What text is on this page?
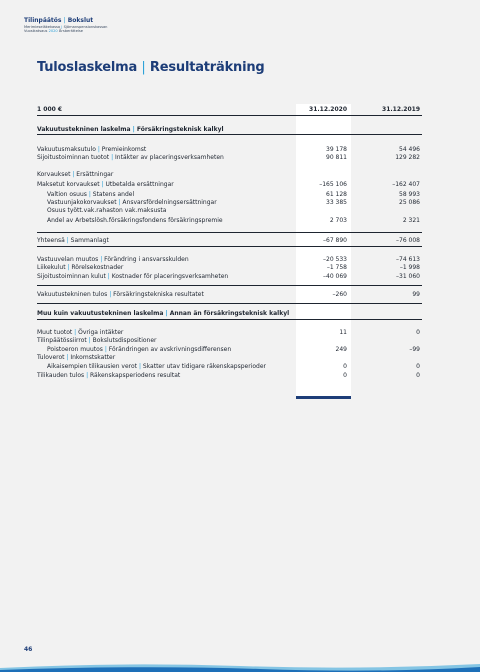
Tilinpäätös | Bokslut
Merimieseläkekassa | Sjömanspensionskassan
Vuosikatsaus 2020 Årsberättelse
Tuloslaskelma | Resultaträkning
1 000 €	31.12.2020	31.12.2019
Vakuutustekninen laskelma | Försäkringsteknisk kalkyl
Vakuutusmaksutulo | Premieinkomst	39 178	54 496
Sijoitustoiminnan tuotot | Intäkter av placeringsverksamheten	90 811	129 282
Korvaukset | Ersättningar
Maksetut korvaukset | Utbetalda ersättningar	–165 106	–162 407
Valtion osuus | Statens andel	61 128	58 993
Vastuunjakokorvaukset | Ansvarsfördelningsersättningar	33 385	25 086
Osuus tyött.vak.rahaston vak.maksusta
Andel av Arbetslösh.försäkringsfondens försäkringspremie	2 703	2 321
Yhteensä | Sammanlagt	–67 890	–76 008
Vastuuvelan muutos | Förändring i ansvarsskulden	–20 533	–74 613
Liikekulut | Rörelsekostnader	–1 758	–1 998
Sijoitustoiminnan kulut | Kostnader för placeringsverksamheten	–40 069	–31 060
Vakuutustekninen tulos | Försäkringstekniska resultatet	–260	99
Muu kuin vakuutustekninen laskelma | Annan än försäkringsteknisk kalkyl
Muut tuotot | Övriga intäkter	11	0
Tilinpäätössiirrot | Bokslutsdispositioner
Poistoeron muutos | Förändringen av avskrivningsdifferensen	249	–99
Tuloverot | Inkomstskatter
Aikaisempien tilikausien verot | Skatter utav tidigare räkenskapsperioder	0	0
Tilikauden tulos | Räkenskapsperiodens resultat	0	0
46
